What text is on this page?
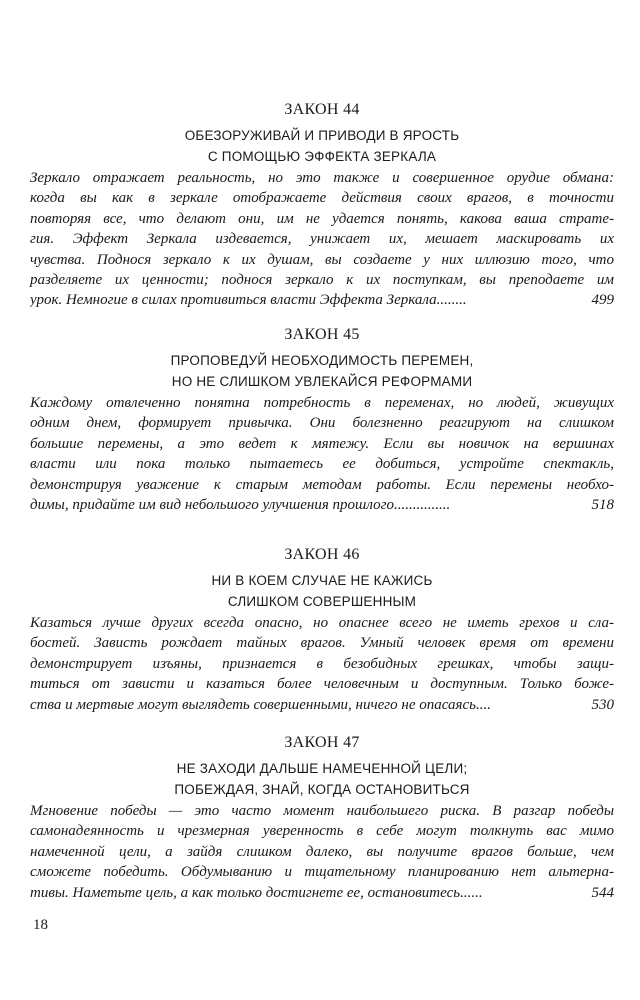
ЗАКОН 44
ОБЕЗОРУЖИВАЙ И ПРИВОДИ В ЯРОСТЬ
С ПОМОЩЬЮ ЭФФЕКТА ЗЕРКАЛА
Зеркало отражает реальность, но это также и совершенное орудие обмана:
когда вы как в зеркале отображаете действия своих врагов, в точности
повторяя все, что делают они, им не удается понять, какова ваша страте-
гия. Эффект Зеркала издевается, унижает их, мешает маскировать их
чувства. Поднося зеркало к их душам, вы создаете у них иллюзию того, что
разделяете их ценности; поднося зеркало к их поступкам, вы преподаете им
урок. Немногие в силах противиться власти Эффекта Зеркала........	499
ЗАКОН 45
ПРОПОВЕДУЙ НЕОБХОДИМОСТЬ ПЕРЕМЕН,
НО НЕ СЛИШКОМ УВЛЕКАЙСЯ РЕФОРМАМИ
Каждому отвлеченно понятна потребность в переменах, но людей, живущих
одним днем, формирует привычка. Они болезненно реагируют на слишком
большие перемены, а это ведет к мятежу. Если вы новичок на вершинах
власти или пока только пытаетесь ее добиться, устройте спектакль,
демонстрируя уважение к старым методам работы. Если перемены необхо-
димы, придайте им вид небольшого улучшения прошлого...............	518
ЗАКОН 46
НИ В КОЕМ СЛУЧАЕ НЕ КАЖИСЬ
СЛИШКОМ СОВЕРШЕННЫМ
Казаться лучше других всегда опасно, но опаснее всего не иметь грехов и сла-
бостей. Зависть рождает тайных врагов. Умный человек время от времени
демонстрирует изъяны, признается в безобидных грешках, чтобы защи-
титься от зависти и казаться более человечным и доступным. Только боже-
ства и мертвые могут выглядеть совершенными, ничего не опасаясь....	530
ЗАКОН 47
НЕ ЗАХОДИ ДАЛЬШЕ НАМЕЧЕННОЙ ЦЕЛИ;
ПОБЕЖДАЯ, ЗНАЙ, КОГДА ОСТАНОВИТЬСЯ
Мгновение победы — это часто момент наибольшего риска. В разгар победы
самонадеянность и чрезмерная уверенность в себе могут толкнуть вас мимо
намеченной цели, а зайдя слишком далеко, вы получите врагов больше, чем
сможете победить. Обдумыванию и тщательному планированию нет альтерна-
тивы. Наметьте цель, а как только достигнете ее, остановитесь......	544
18
